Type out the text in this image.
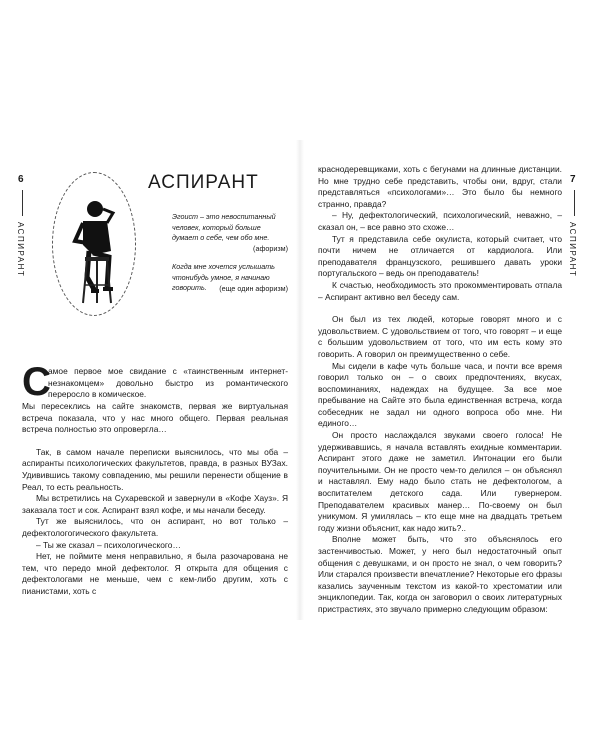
6
АСПИРАНТ
АСПИРАНТ
Эгоист – это невоспитанный человек, который больше думает о себе, чем обо мне.
(афоризм)
Когда мне хочется услышать чтонибудь умное, я начинаю говорить.	(еще один афоризм)
С
амое первое мое свидание с «таинственным интернет-незнакомцем» довольно быстро из романтического переросло в комическое.

Мы пересеклись на сайте знакомств, первая же виртуальная встреча показала, что у нас много общего. Первая реальная встреча полностью это опровергла…

Так, в самом начале переписки выяснилось, что мы оба – аспиранты психологических факультетов, правда, в разных ВУЗах. Удивившись такому совпадению, мы решили перенести общение в Реал, то есть реальность.

Мы встретились на Сухаревской и завернули в «Кофе Хауз». Я заказала тост и сок. Аспирант взял кофе, и мы начали беседу.

Тут же выяснилось, что он аспирант, но вот только – дефектологогического факультета.

– Ты же сказал – психологического…

Нет, не поймите меня неправильно, я была разочарована не тем, что передо мной дефектолог. Я открыта для общения с дефектологами не меньше, чем с кем-либо другим, хоть с пианистами, хоть с

7
АСПИРАНТ

краснодеревщиками, хоть с бегунами на длинные дистанции. Но мне трудно себе представить, чтобы они, вдруг, стали представляться «психологами»… Это было бы немного странно, правда?

– Ну, дефектологический, психологический, неважно, – сказал он, – все равно это схоже…

Тут я представила себе окулиста, который считает, что почти ничем не отличается от кардиолога. Или преподавателя французского, решившего давать уроки португальского – ведь он преподаватель!

К счастью, необходимость это прокомментировать отпала – Аспирант активно вел беседу сам.

Он был из тех людей, которые говорят много и с удовольствием. С удовольствием от того, что говорят – и еще с большим удовольствием от того, что им есть кому это говорить. А говорил он преимущественно о себе.

Мы сидели в кафе чуть больше часа, и почти все время говорил только он – о своих предпочтениях, вкусах, воспоминаниях, надеждах на будущее. За все мое пребывание на Сайте это была единственная встреча, когда собеседник не задал ни одного вопроса обо мне. Ни единого…

Он просто наслаждался звуками своего голоса! Не удерживавшись, я начала вставлять ехидные комментарии. Аспирант этого даже не заметил. Интонации его были поучительными. Он не просто чем-то делился – он объяснял и наставлял. Ему надо было стать не дефектологом, а воспитателем детского сада. Или гувернером. Преподавателем красивых манер… По-своему он был уникумом. Я умилялась – кто еще мне на двадцать третьем году жизни объяснит, как надо жить?..

Вполне может быть, что это объяснялось его застенчивостью. Может, у него был недостаточный опыт общения с девушками, и он просто не знал, о чем говорить? Или старался произвести впечатление? Некоторые его фразы казались заученным текстом из какой-то хрестоматии или энциклопедии. Так, когда он заговорил о своих литературных пристрастиях, это звучало примерно следующим образом:
